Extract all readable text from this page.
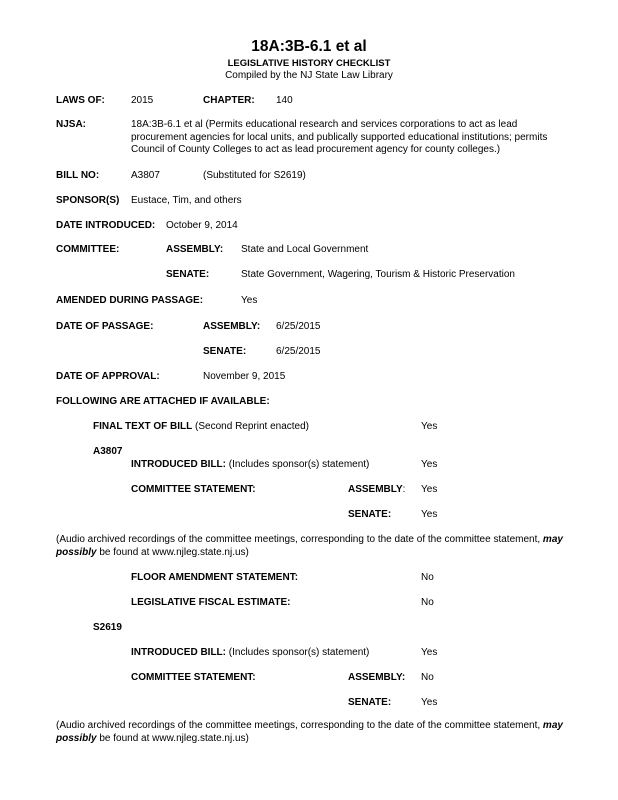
18A:3B-6.1 et al
LEGISLATIVE HISTORY CHECKLIST
Compiled by the NJ State Law Library
LAWS OF:	2015	CHAPTER: 140
NJSA:	18A:3B-6.1 et al (Permits educational research and services corporations to act as lead procurement agencies for local units, and publically supported educational institutions; permits Council of County Colleges to act as lead procurement agency for county colleges.)
BILL NO:	A3807	(Substituted for S2619)
SPONSOR(S) Eustace, Tim, and others
DATE INTRODUCED: October 9, 2014
COMMITTEE:	ASSEMBLY: State and Local Government
SENATE:	State Government, Wagering, Tourism & Historic Preservation
AMENDED DURING PASSAGE:	Yes
DATE OF PASSAGE:	ASSEMBLY: 6/25/2015
SENATE:	6/25/2015
DATE OF APPROVAL:	November 9, 2015
FOLLOWING ARE ATTACHED IF AVAILABLE:
FINAL TEXT OF BILL (Second Reprint enacted)	Yes
A3807
INTRODUCED BILL: (Includes sponsor(s) statement)	Yes
COMMITTEE STATEMENT:	ASSEMBLY: Yes
SENATE:	Yes
(Audio archived recordings of the committee meetings, corresponding to the date of the committee statement, may possibly be found at www.njleg.state.nj.us)
FLOOR AMENDMENT STATEMENT:	No
LEGISLATIVE FISCAL ESTIMATE:	No
S2619
INTRODUCED BILL: (Includes sponsor(s) statement)	Yes
COMMITTEE STATEMENT:	ASSEMBLY: No
SENATE:	Yes
(Audio archived recordings of the committee meetings, corresponding to the date of the committee statement, may possibly be found at www.njleg.state.nj.us)
